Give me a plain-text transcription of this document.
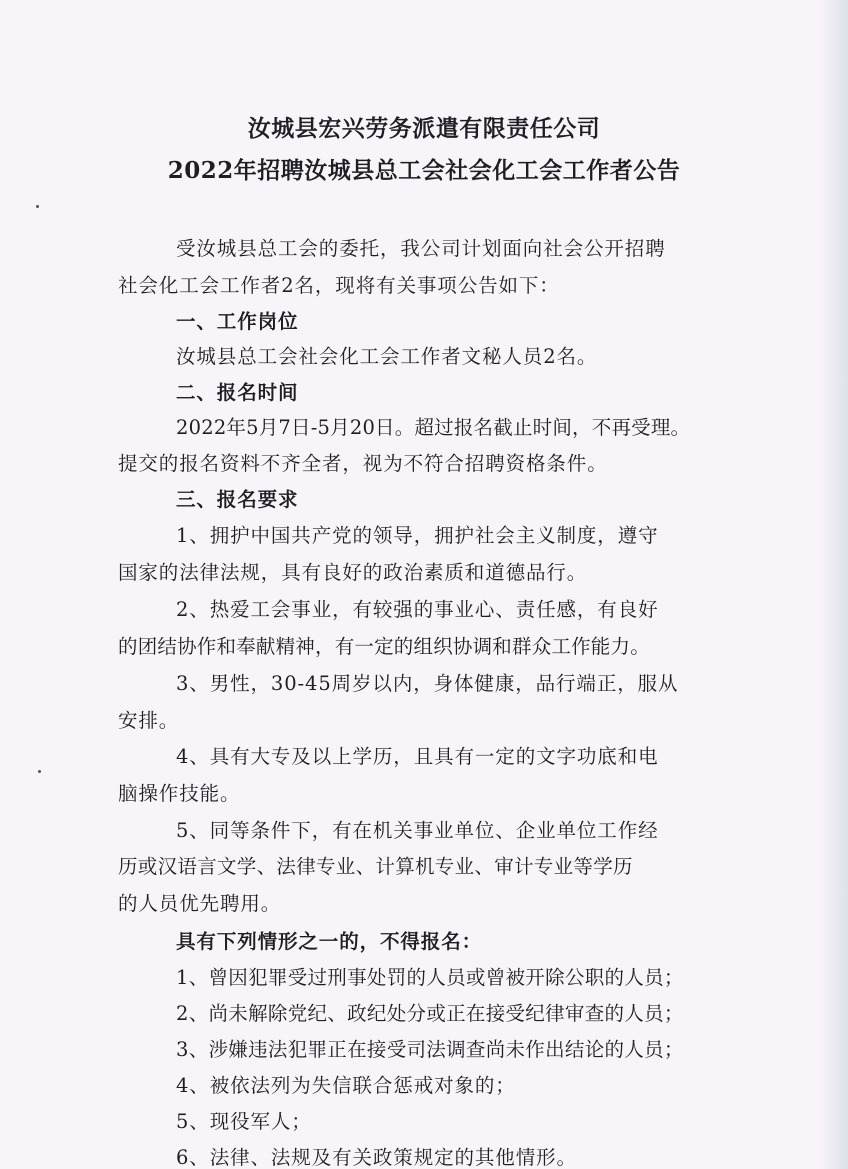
汝城县宏兴劳务派遣有限责任公司
2022年招聘汝城县总工会社会化工会工作者公告
受汝城县总工会的委托，我公司计划面向社会公开招聘
社会化工会工作者2名，现将有关事项公告如下：
一、工作岗位
汝城县总工会社会化工会工作者文秘人员2名。
二、报名时间
2022年5月7日-5月20日。超过报名截止时间，不再受理。
提交的报名资料不齐全者，视为不符合招聘资格条件。
三、报名要求
1、拥护中国共产党的领导，拥护社会主义制度，遵守
国家的法律法规，具有良好的政治素质和道德品行。
2、热爱工会事业，有较强的事业心、责任感，有良好
的团结协作和奉献精神，有一定的组织协调和群众工作能力。
3、男性，30-45周岁以内，身体健康，品行端正，服从
安排。
4、具有大专及以上学历，且具有一定的文字功底和电
脑操作技能。
5、同等条件下，有在机关事业单位、企业单位工作经
历或汉语言文学、法律专业、计算机专业、审计专业等学历
的人员优先聘用。
具有下列情形之一的，不得报名：
1、曾因犯罪受过刑事处罚的人员或曾被开除公职的人员；
2、尚未解除党纪、政纪处分或正在接受纪律审查的人员；
3、涉嫌违法犯罪正在接受司法调查尚未作出结论的人员；
4、被依法列为失信联合惩戒对象的；
5、现役军人；
6、法律、法规及有关政策规定的其他情形。
